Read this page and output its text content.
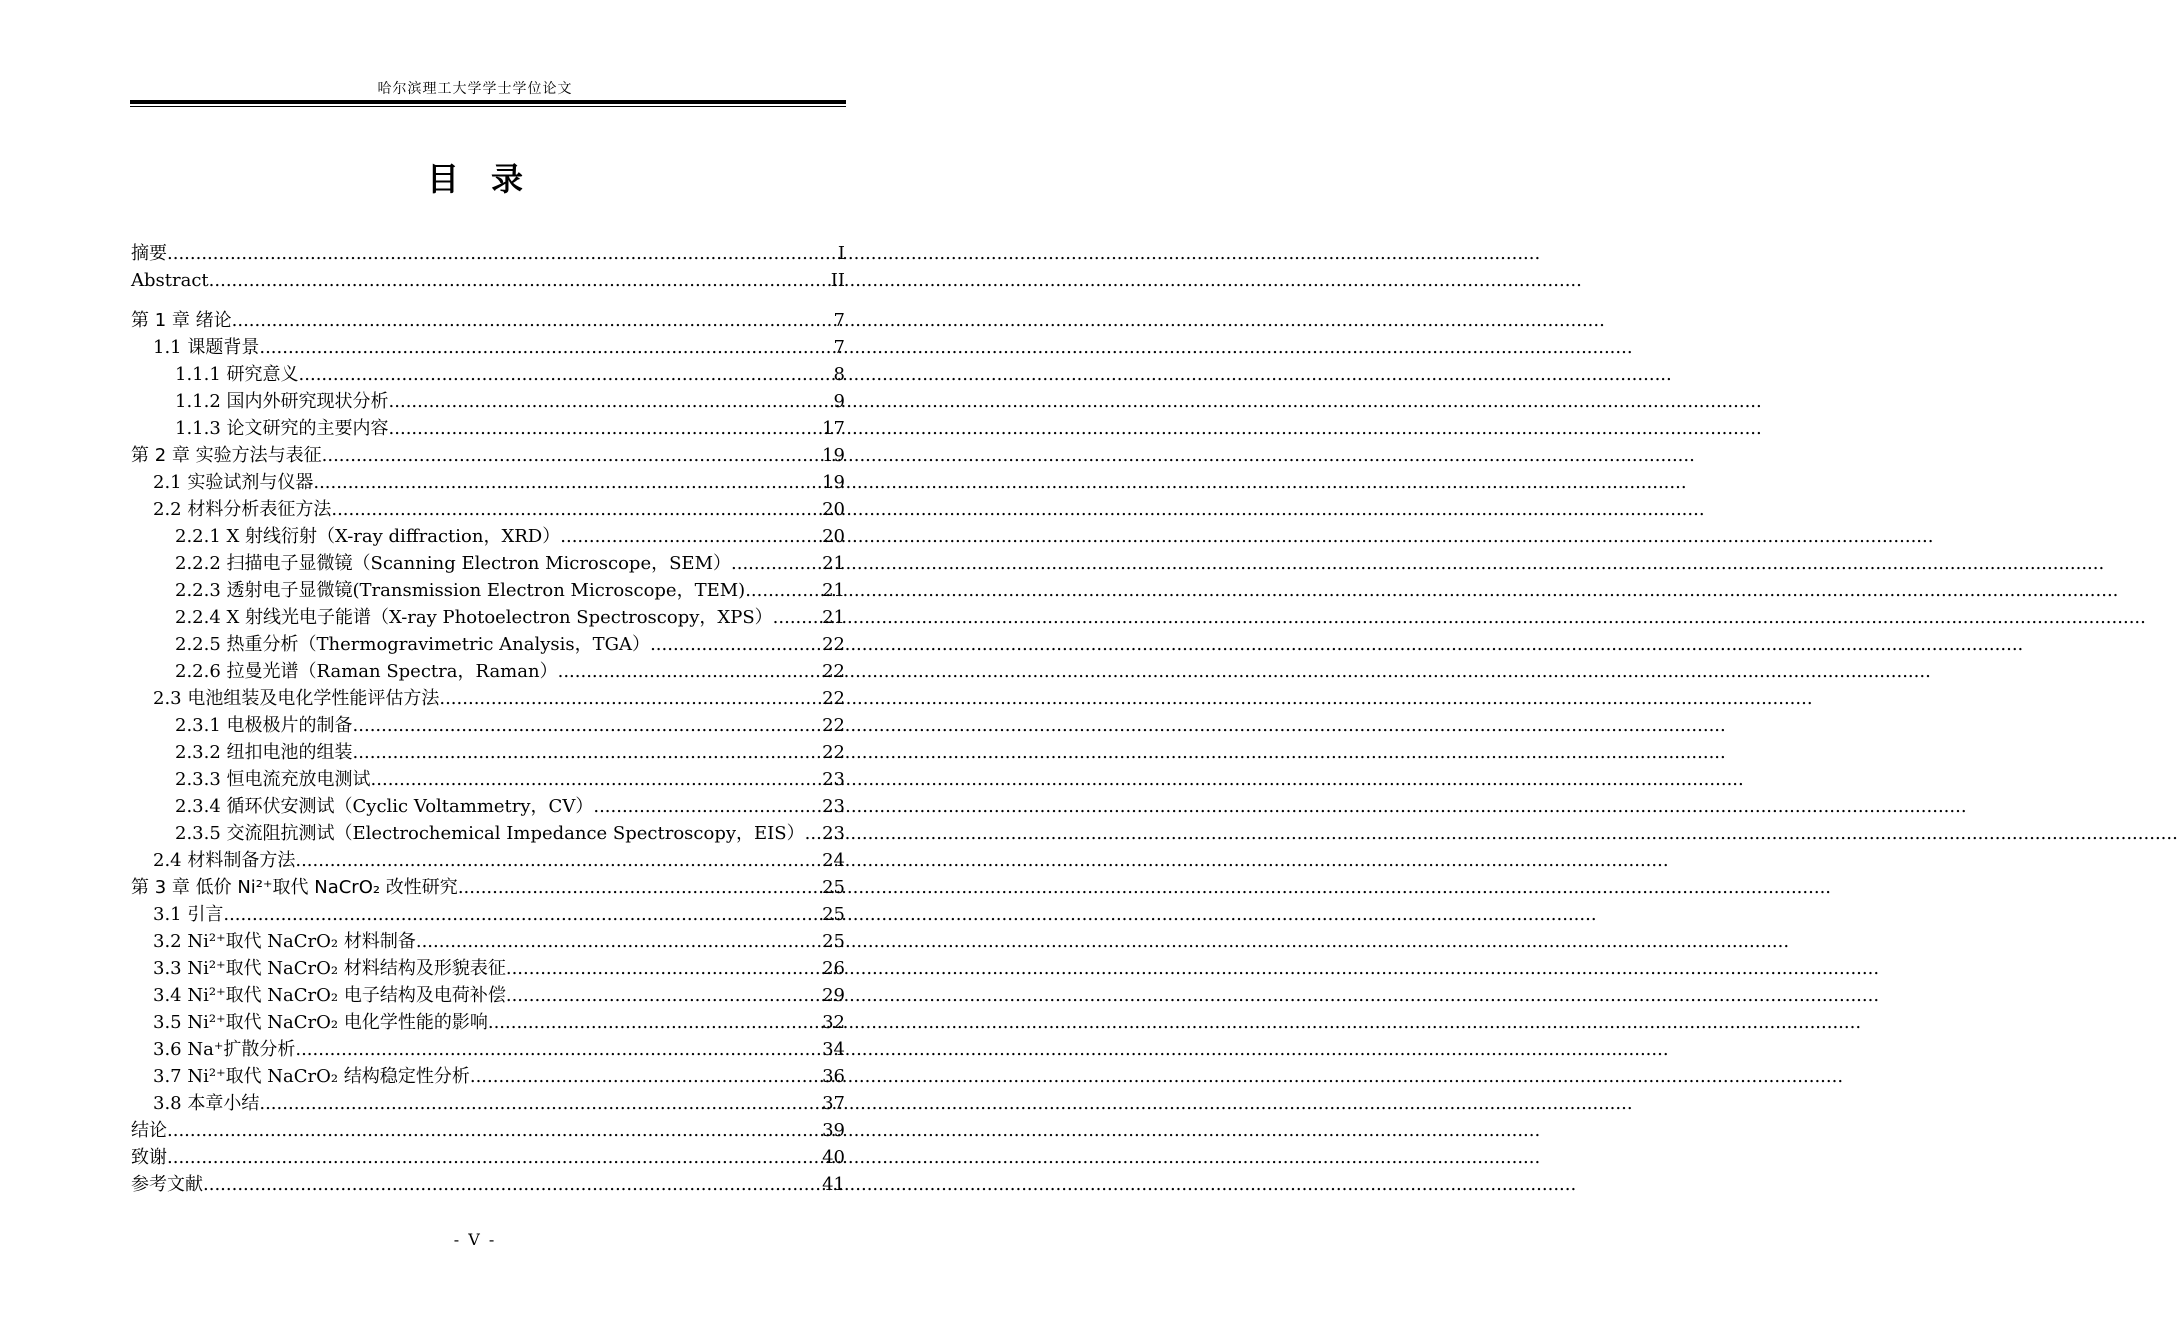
哈尔滨理工大学学士学位论文
目　录
摘要 .....	I
Abstract .....	II
第 1 章 绪论 .....	7
1.1 课题背景 .....	7
1.1.1 研究意义 .....	8
1.1.2 国内外研究现状分析 .....	9
1.1.3 论文研究的主要内容 .....	17
第 2 章 实验方法与表征 .....	19
2.1 实验试剂与仪器 .....	19
2.2 材料分析表征方法 .....	20
2.2.1 X 射线衍射（X-ray diffraction，XRD） .....	20
2.2.2 扫描电子显微镜（Scanning Electron Microscope，SEM） .....	21
2.2.3 透射电子显微镜(Transmission Electron Microscope，TEM) .....	21
2.2.4 X 射线光电子能谱（X-ray Photoelectron Spectroscopy，XPS） .....	21
2.2.5 热重分析（Thermogravimetric Analysis，TGA） .....	22
2.2.6 拉曼光谱（Raman Spectra，Raman） .....	22
2.3 电池组装及电化学性能评估方法 .....	22
2.3.1 电极极片的制备 .....	22
2.3.2 纽扣电池的组装 .....	22
2.3.3 恒电流充放电测试 .....	23
2.3.4 循环伏安测试（Cyclic Voltammetry，CV） .....	23
2.3.5 交流阻抗测试（Electrochemical Impedance Spectroscopy，EIS） ..... 23
2.4 材料制备方法 .....	24
第 3 章 低价 Ni²⁺取代 NaCrO₂ 改性研究 .....	25
3.1 引言 .....	25
3.2 Ni²⁺取代 NaCrO₂ 材料制备 .....	25
3.3 Ni²⁺取代 NaCrO₂ 材料结构及形貌表征 .....	26
3.4 Ni²⁺取代 NaCrO₂ 电子结构及电荷补偿 .....	29
3.5 Ni²⁺取代 NaCrO₂ 电化学性能的影响 .....	32
3.6 Na⁺扩散分析 .....	34
3.7 Ni²⁺取代 NaCrO₂ 结构稳定性分析 .....	36
3.8 本章小结 .....	37
结论 .....	39
致谢 .....	40
参考文献 .....	41
- V -
